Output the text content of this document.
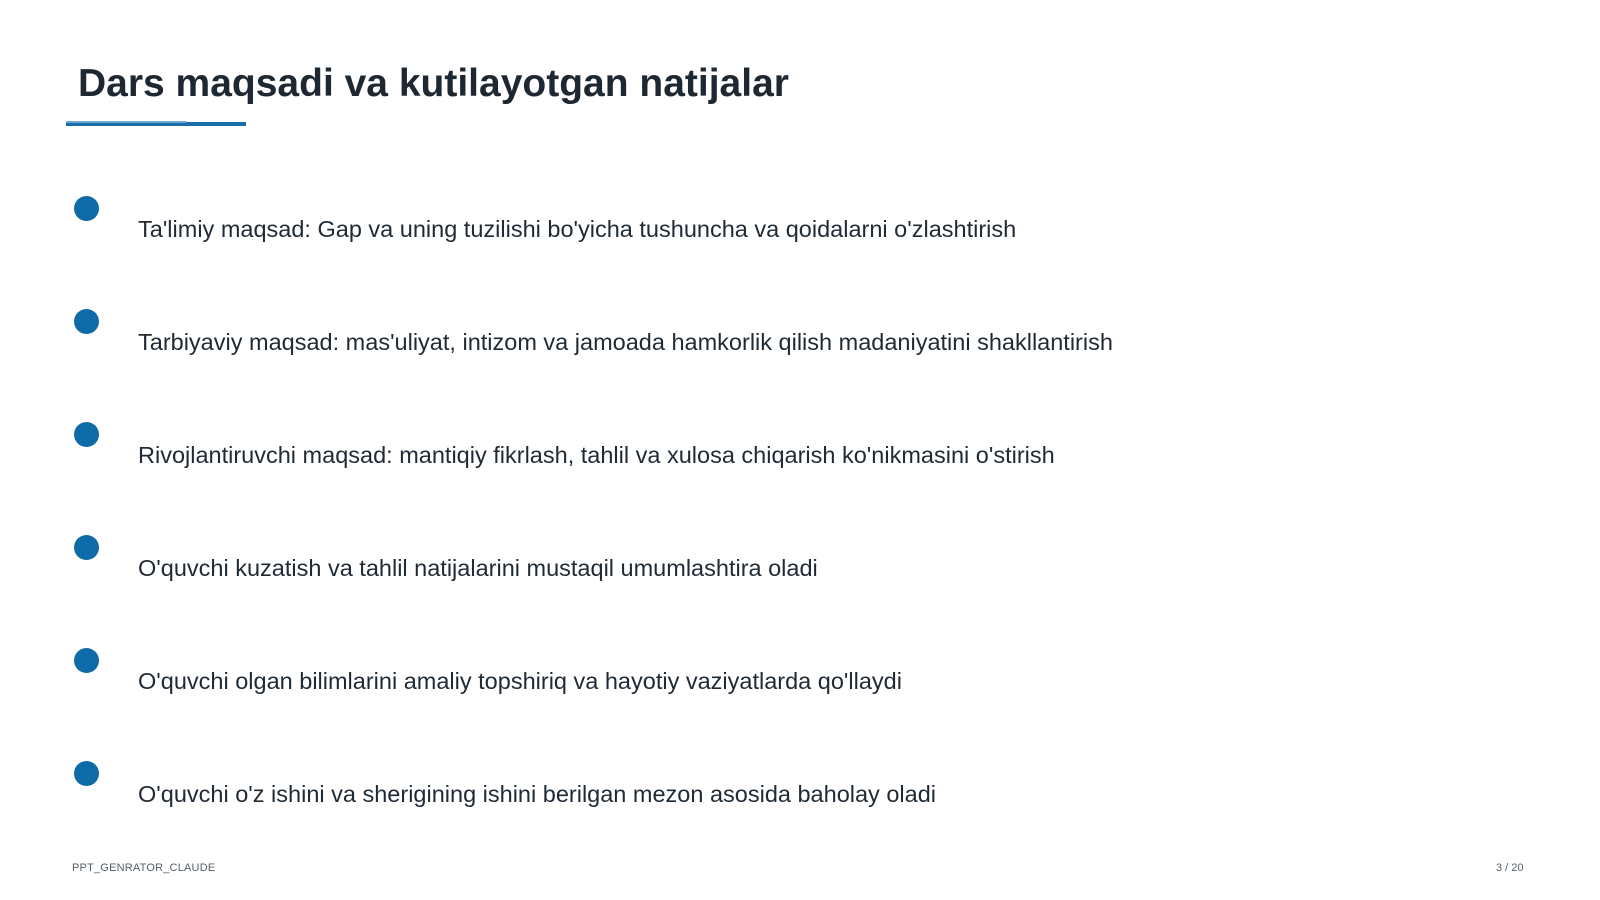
Dars maqsadi va kutilayotgan natijalar
Ta'limiy maqsad: Gap va uning tuzilishi bo'yicha tushuncha va qoidalarni o'zlashtirish
Tarbiyaviy maqsad: mas'uliyat, intizom va jamoada hamkorlik qilish madaniyatini shakllantirish
Rivojlantiruvchi maqsad: mantiqiy fikrlash, tahlil va xulosa chiqarish ko'nikmasini o'stirish
O'quvchi kuzatish va tahlil natijalarini mustaqil umumlashtira oladi
O'quvchi olgan bilimlarini amaliy topshiriq va hayotiy vaziyatlarda qo'llaydi
O'quvchi o'z ishini va sherigining ishini berilgan mezon asosida baholay oladi
PPT_GENRATOR_CLAUDE	3 / 20
